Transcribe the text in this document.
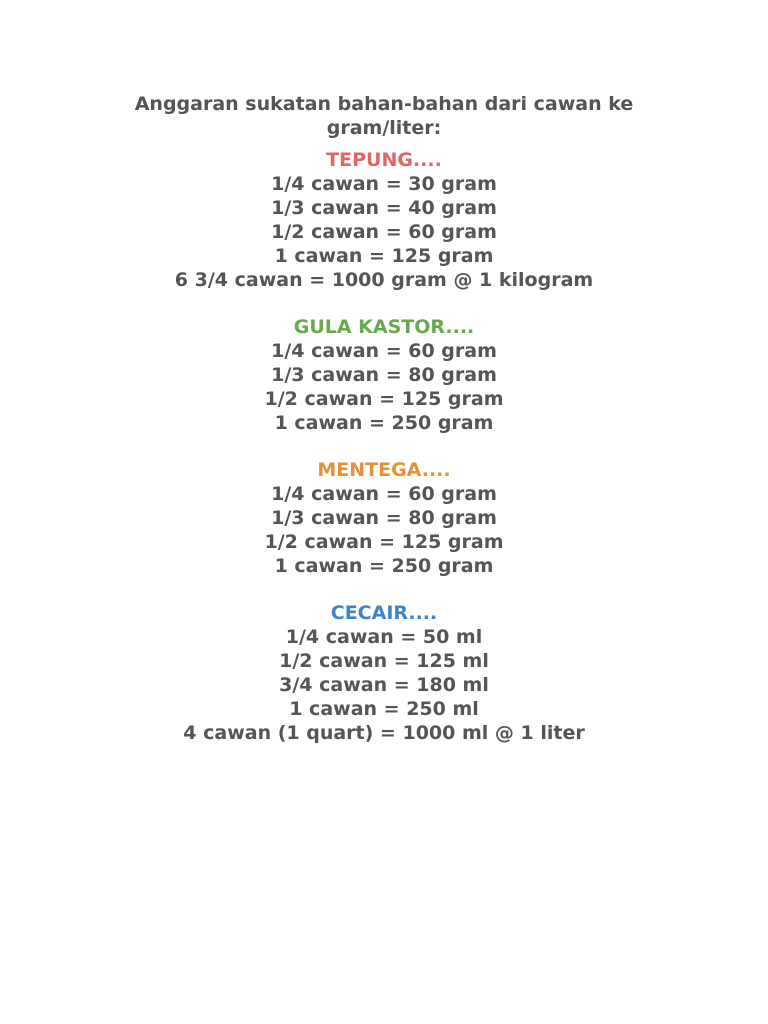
Anggaran sukatan bahan-bahan dari cawan ke gram/liter:
TEPUNG....
1/4 cawan = 30 gram
1/3 cawan = 40 gram
1/2 cawan = 60 gram
1 cawan = 125 gram
6 3/4 cawan = 1000 gram @ 1 kilogram
GULA KASTOR....
1/4 cawan = 60 gram
1/3 cawan = 80 gram
1/2 cawan = 125 gram
1 cawan = 250 gram
MENTEGA....
1/4 cawan = 60 gram
1/3 cawan = 80 gram
1/2 cawan = 125 gram
1 cawan = 250 gram
CECAIR....
1/4 cawan = 50 ml
1/2 cawan = 125 ml
3/4 cawan = 180 ml
1 cawan = 250 ml
4 cawan (1 quart) = 1000 ml @ 1 liter
